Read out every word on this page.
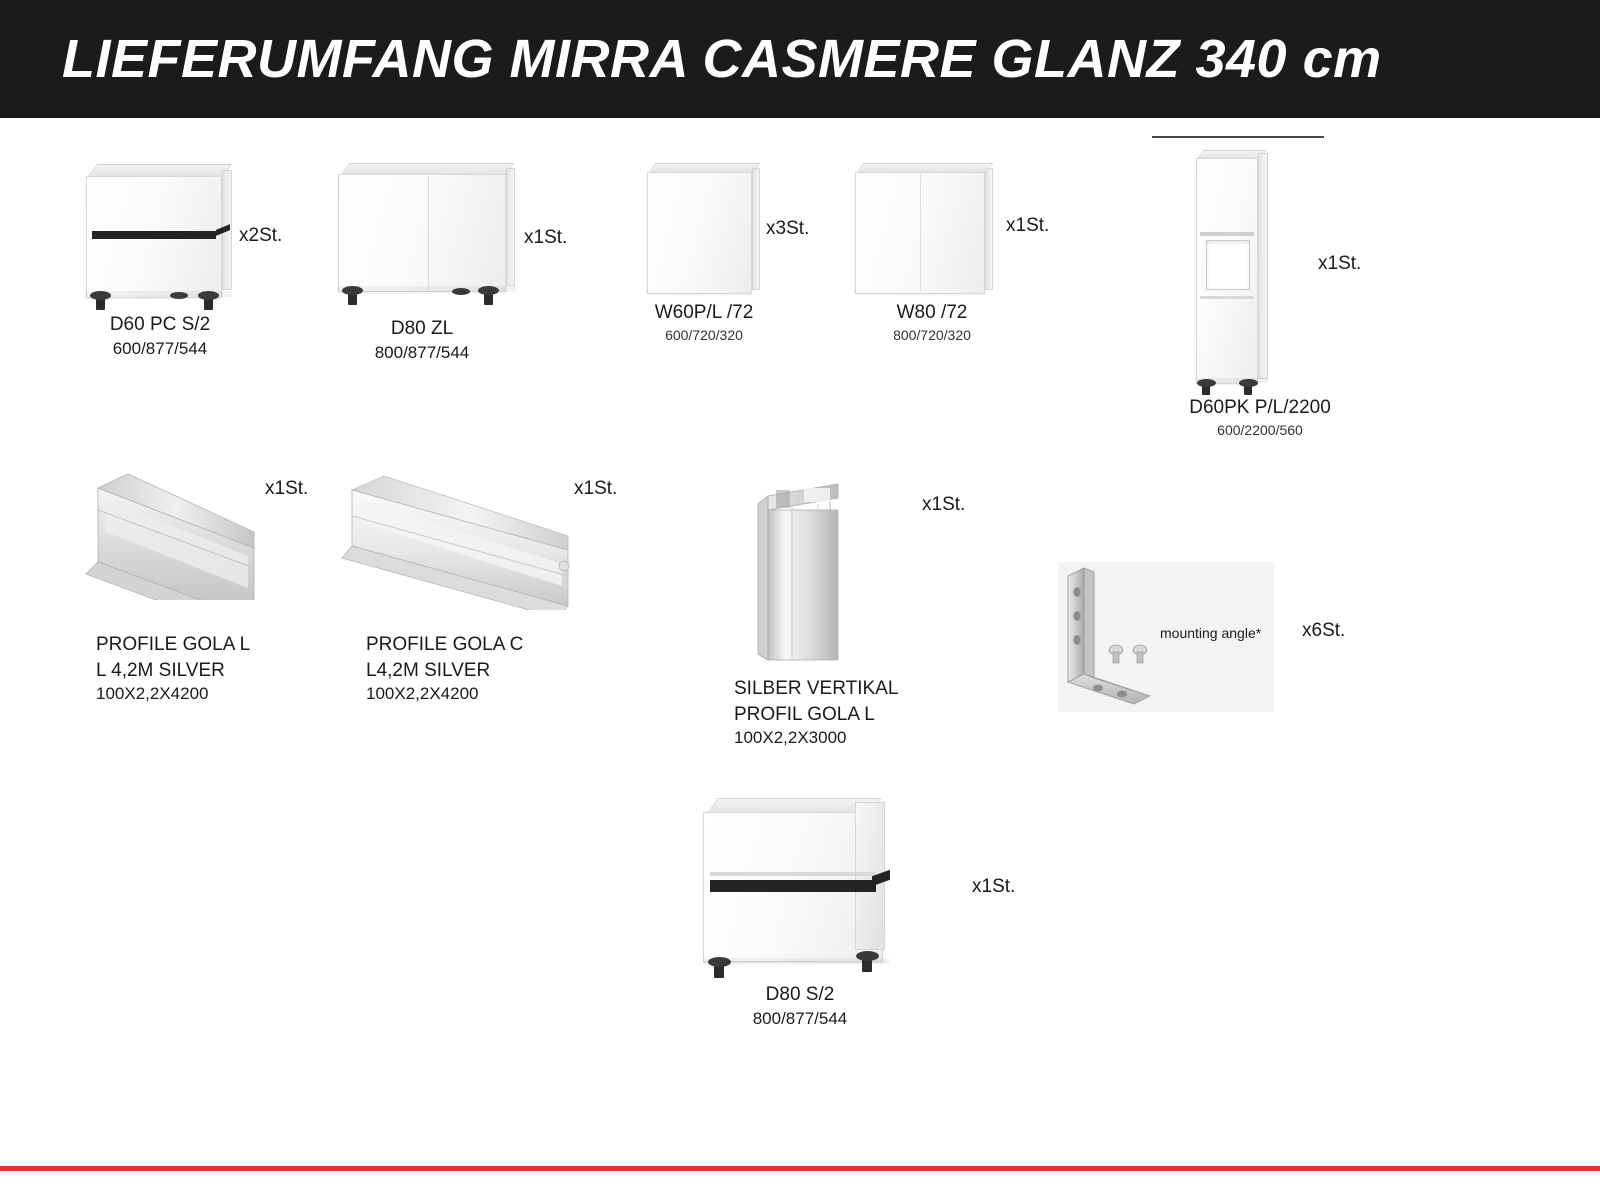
LIEFERUMFANG MIRRA CASMERE GLANZ 340 cm
x2St.
D60 PC S/2
600/877/544
x1St.
D80 ZL
800/877/544
x3St.
W60P/L /72
600/720/320
x1St.
W80 /72
800/720/320
x1St.
D60PK P/L/2200
600/2200/560
x1St.
PROFILE GOLA L
L 4,2M SILVER
100X2,2X4200
x1St.
PROFILE GOLA C
L4,2M SILVER
100X2,2X4200
x1St.
SILBER VERTIKAL
PROFIL GOLA L
100X2,2X3000
mounting angle* x6St.
x1St.
D80 S/2
800/877/544
